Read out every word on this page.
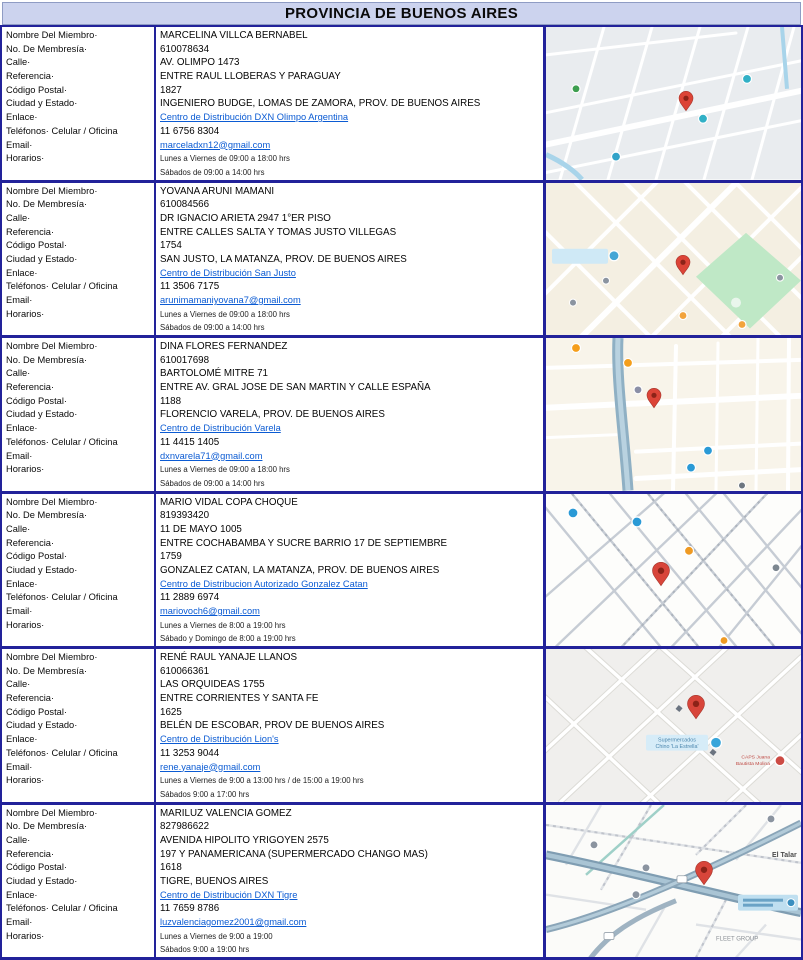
PROVINCIA DE BUENOS AIRES
Nombre Del Miembro·
No. De Membresía·
Calle·
Referencia·
Código Postal·
Ciudad y Estado·
Enlace·
Teléfonos· Celular / Oficina
Email·
Horarios·
MARCELINA VILLCA BERNABEL
610078634
AV. OLIMPO 1473
ENTRE RAUL LLOBERAS Y PARAGUAY
1827
INGENIERO BUDGE, LOMAS DE ZAMORA, PROV. DE BUENOS AIRES
Centro de Distribución DXN Olimpo Argentina
11 6756 8304
marceladxn12@gmail.com
Lunes a Viernes de 09:00 a 18:00 hrs
Sábados de 09:00 a 14:00 hrs
Nombre Del Miembro·
No. De Membresía·
Calle·
Referencia·
Código Postal·
Ciudad y Estado·
Enlace·
Teléfonos· Celular / Oficina
Email·
Horarios·
YOVANA ARUNI MAMANI
610084566
DR IGNACIO ARIETA 2947 1°ER PISO
ENTRE CALLES SALTA Y TOMAS JUSTO VILLEGAS
1754
SAN JUSTO, LA MATANZA, PROV. DE BUENOS AIRES
Centro de Distribución San Justo
11 3506 7175
arunimamaniyovana7@gmail.com
Lunes a Viernes de 09:00 a 18:00 hrs
Sábados de 09:00 a 14:00 hrs
Nombre Del Miembro·
No. De Membresía·
Calle·
Referencia·
Código Postal·
Ciudad y Estado·
Enlace·
Teléfonos· Celular / Oficina
Email·
Horarios·
DINA FLORES FERNANDEZ
610017698
BARTOLOMÉ MITRE 71
ENTRE AV. GRAL JOSE DE SAN MARTIN Y CALLE ESPAÑA
1188
FLORENCIO VARELA, PROV. DE BUENOS AIRES
Centro de Distribución Varela
11 4415 1405
dxnvarela71@gmail.com
Lunes a Viernes de 09:00 a 18:00 hrs
Sábados de 09:00 a 14:00 hrs
Nombre Del Miembro·
No. De Membresía·
Calle·
Referencia·
Código Postal·
Ciudad y Estado·
Enlace·
Teléfonos· Celular / Oficina
Email·
Horarios·
MARIO VIDAL COPA CHOQUE
819393420
11 DE MAYO 1005
ENTRE COCHABAMBA Y SUCRE BARRIO 17 DE SEPTIEMBRE
1759
GONZALEZ CATAN, LA MATANZA, PROV. DE BUENOS AIRES
Centro de Distribucion Autorizado Gonzalez Catan
11 2889 6974
mariovoch6@gmail.com
Lunes a Viernes de 8:00 a 19:00 hrs
Sábado y Domingo de 8:00 a 19:00 hrs
Nombre Del Miembro·
No. De Membresía·
Calle·
Referencia·
Código Postal·
Ciudad y Estado·
Enlace·
Teléfonos· Celular / Oficina
Email·
Horarios·
RENÉ RAUL YANAJE LLANOS
610066361
LAS ORQUIDEAS 1755
ENTRE CORRIENTES Y SANTA FE
1625
BELÉN DE ESCOBAR, PROV DE BUENOS AIRES
Centro de Distribución Lion's
11 3253 9044
rene.yanaje@gmail.com
Lunes a Viernes de 9:00 a 13:00 hrs / de 15:00 a 19:00 hrs
Sábados 9:00 a 17:00 hrs
Supermercados
Chino 'La Estrella'
CAPS Juana
Bautista Molina
Nombre Del Miembro·
No. De Membresía·
Calle·
Referencia·
Código Postal·
Ciudad y Estado·
Enlace·
Teléfonos· Celular / Oficina
Email·
Horarios·
MARILUZ VALENCIA GOMEZ
827986622
AVENIDA HIPOLITO YRIGOYEN 2575
197 Y PANAMERICANA (SUPERMERCADO CHANGO MAS)
1618
TIGRE, BUENOS AIRES
Centro de Distribución DXN Tigre
11 7659 8786
luzvalenciagomez2001@gmail.com
Lunes a Viernes de 9:00 a 19:00
Sábados 9:00 a 19:00 hrs
El Talar
FLEET GROUP
